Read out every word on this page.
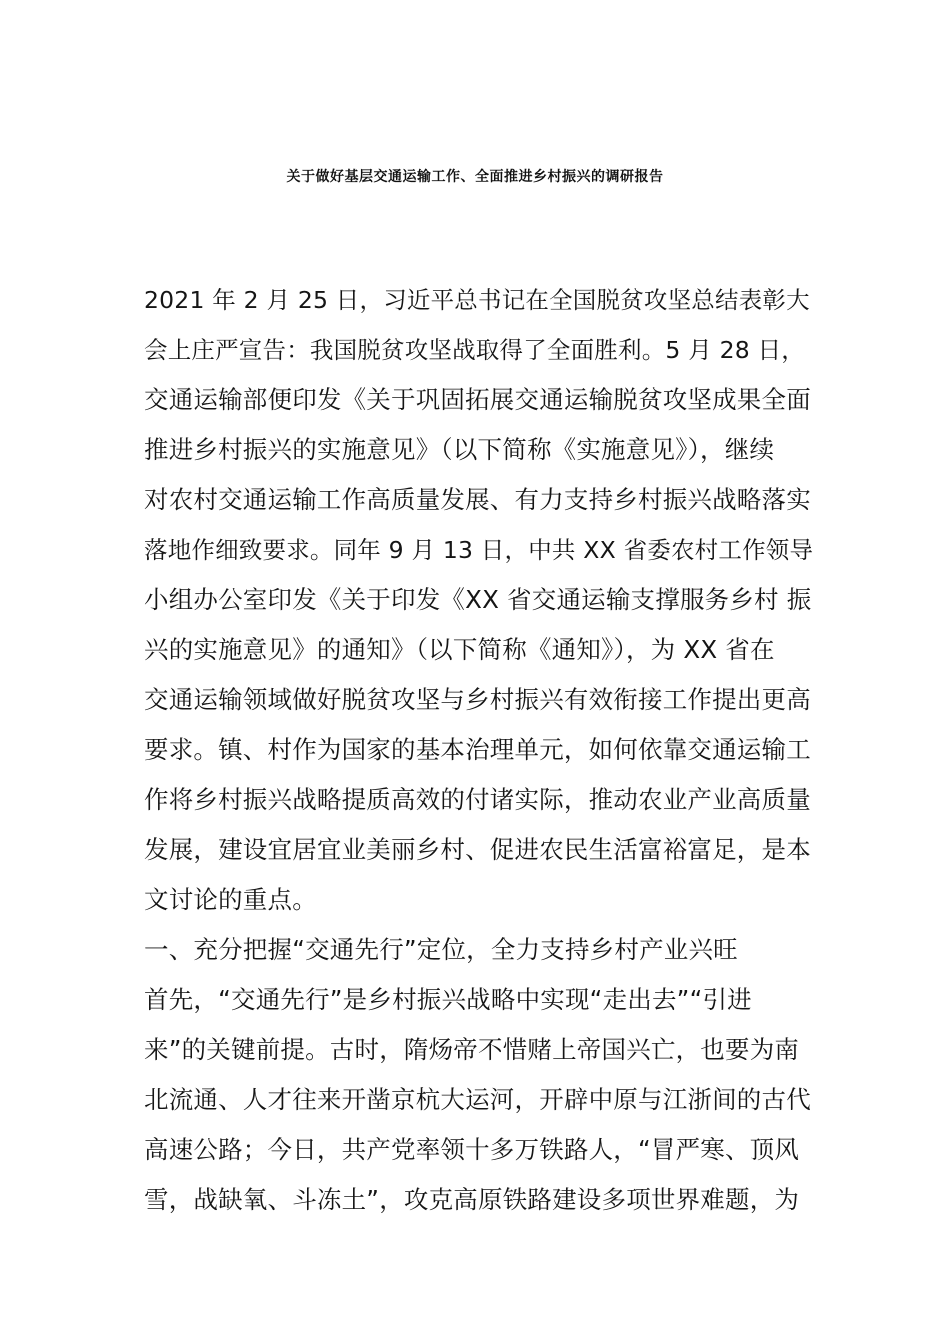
关于做好基层交通运输工作、全面推进乡村振兴的调研报告
2021 年 2 月 25 日，习近平总书记在全国脱贫攻坚总结表彰大
会上庄严宣告：我国脱贫攻坚战取得了全面胜利。5 月 28 日，
交通运输部便印发《关于巩固拓展交通运输脱贫攻坚成果全面
推进乡村振兴的实施意见》（以下简称《实施意见》），继续
对农村交通运输工作高质量发展、有力支持乡村振兴战略落实
落地作细致要求。同年 9 月 13 日，中共 XX 省委农村工作领导
小组办公室印发《关于印发《XX 省交通运输支撑服务乡村 振
兴的实施意见》的通知》（以下简称《通知》），为 XX 省在
交通运输领域做好脱贫攻坚与乡村振兴有效衔接工作提出更高
要求。镇、村作为国家的基本治理单元，如何依靠交通运输工
作将乡村振兴战略提质高效的付诸实际，推动农业产业高质量
发展，建设宜居宜业美丽乡村、促进农民生活富裕富足，是本
文讨论的重点。
一、充分把握“交通先行”定位，全力支持乡村产业兴旺
首先，“交通先行”是乡村振兴战略中实现“走出去”“引进
来”的关键前提。古时，隋炀帝不惜赌上帝国兴亡，也要为南
北流通、人才往来开凿京杭大运河，开辟中原与江浙间的古代
高速公路；今日，共产党率领十多万铁路人，“冒严寒、顶风
雪，战缺氧、斗冻土”，攻克高原铁路建设多项世界难题，为
